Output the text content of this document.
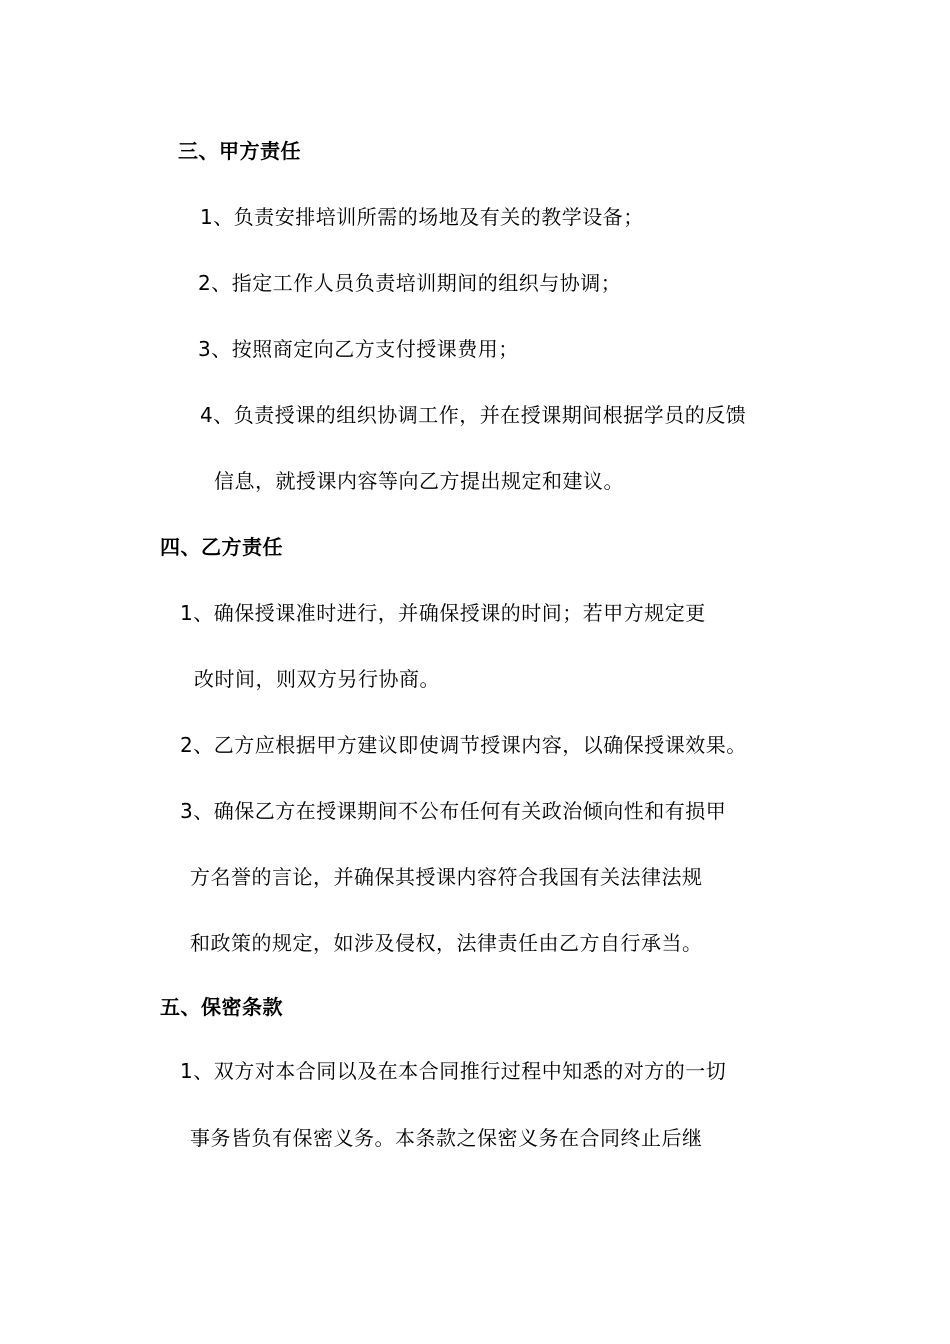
三、甲方责任
1、负责安排培训所需的场地及有关的教学设备；
2、指定工作人员负责培训期间的组织与协调；
3、按照商定向乙方支付授课费用；
4、负责授课的组织协调工作，并在授课期间根据学员的反馈
信息，就授课内容等向乙方提出规定和建议。
四、乙方责任
1、确保授课准时进行，并确保授课的时间；若甲方规定更
改时间，则双方另行协商。
2、乙方应根据甲方建议即使调节授课内容，以确保授课效果。
3、确保乙方在授课期间不公布任何有关政治倾向性和有损甲
方名誉的言论，并确保其授课内容符合我国有关法律法规
和政策的规定，如涉及侵权，法律责任由乙方自行承当。
五、保密条款
1、双方对本合同以及在本合同推行过程中知悉的对方的一切
事务皆负有保密义务。本条款之保密义务在合同终止后继
